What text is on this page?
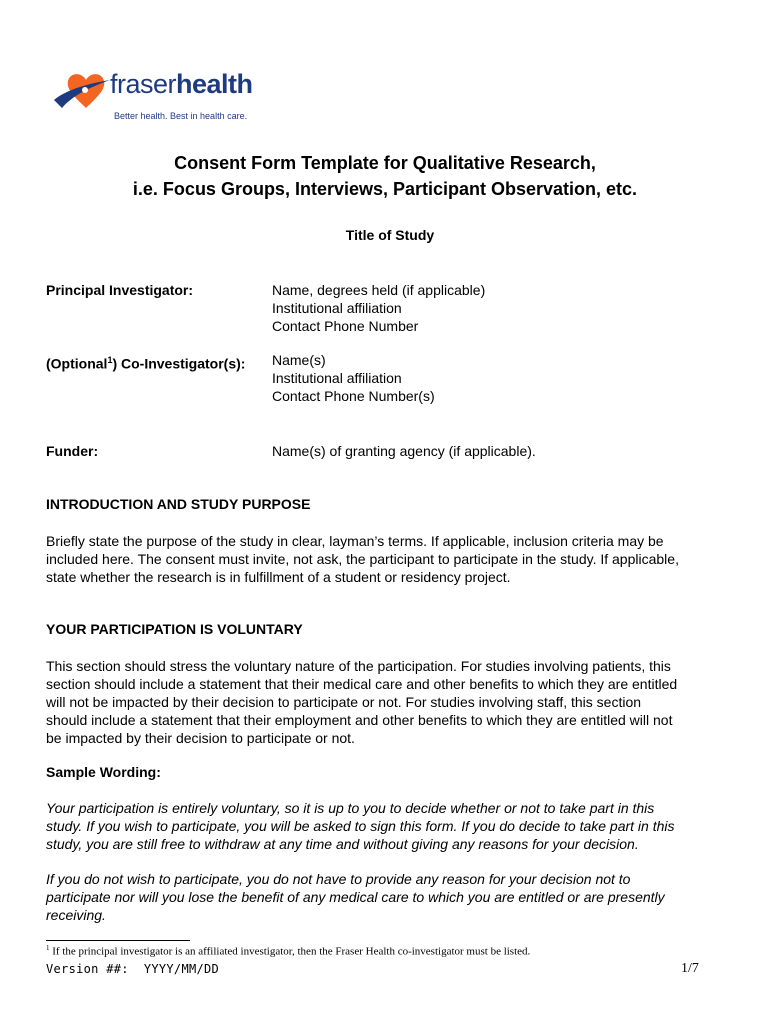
fraserhealth
Better health. Best in health care.
Consent Form Template for Qualitative Research,
i.e. Focus Groups, Interviews, Participant Observation, etc.
Title of Study
Principal Investigator:	Name, degrees held (if applicable)
Institutional affiliation
Contact Phone Number
(Optional$^1$) Co-Investigator(s): Name(s)
Institutional affiliation
Contact Phone Number(s)
Funder:	Name(s) of granting agency (if applicable).
INTRODUCTION AND STUDY PURPOSE
Briefly state the purpose of the study in clear, layman’s terms. If applicable, inclusion criteria may be
included here. The consent must invite, not ask, the participant to participate in the study. If applicable,
state whether the research is in fulfillment of a student or residency project.
YOUR PARTICIPATION IS VOLUNTARY
This section should stress the voluntary nature of the participation. For studies involving patients, this
section should include a statement that their medical care and other benefits to which they are entitled
will not be impacted by their decision to participate or not. For studies involving staff, this section
should include a statement that their employment and other benefits to which they are entitled will not
be impacted by their decision to participate or not.
Sample Wording:
Your participation is entirely voluntary, so it is up to you to decide whether or not to take part in this
study. If you wish to participate, you will be asked to sign this form. If you do decide to take part in this
study, you are still free to withdraw at any time and without giving any reasons for your decision.
If you do not wish to participate, you do not have to provide any reason for your decision not to
participate nor will you lose the benefit of any medical care to which you are entitled or are presently
receiving.
$^1$ If the principal investigator is an affiliated investigator, then the Fraser Health co-investigator must be listed.
Version ##:  YYYY/MM/DD	1/7
